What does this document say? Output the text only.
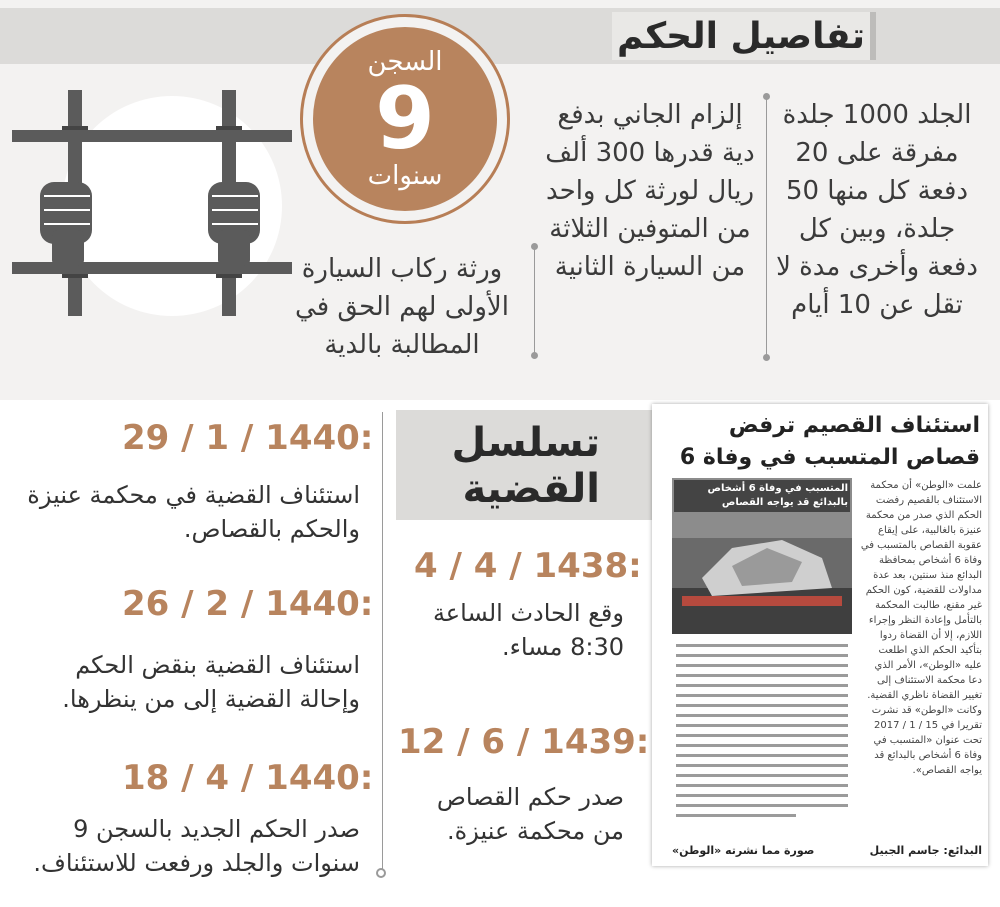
تفاصيل الحكم
الجلد 1000 جلدة مفرقة على 20 دفعة كل منها 50 جلدة، وبين كل دفعة وأخرى مدة لا تقل عن 10 أيام
إلزام الجاني بدفع دية قدرها 300 ألف ريال لورثة كل واحد من المتوفين الثلاثة من السيارة الثانية
ورثة ركاب السيارة الأولى لهم الحق في المطالبة بالدية
السجن
9
سنوات
تسلسل القضية
4 / 4 / 1438:
وقع الحادث الساعة 8:30 مساء.
12 / 6 / 1439:
صدر حكم القصاص من محكمة عنيزة.
29 / 1 / 1440:
استئناف القضية في محكمة عنيزة والحكم بالقصاص.
26 / 2 / 1440:
استئناف القضية بنقض الحكم وإحالة القضية إلى من ينظرها.
18 / 4 / 1440:
صدر الحكم الجديد بالسجن 9 سنوات والجلد ورفعت للاستئناف.
استئناف القصيم ترفض قصاص المتسبب في وفاة 6
المتسبب في وفاة 6 أشخاص بالبدائع قد يواجه القصاص
علمت «الوطن» أن محكمة الاستئناف بالقصيم رفضت الحكم الذي صدر من محكمة عنيزة بالغالبية، على إيقاع عقوبة القصاص بالمتسبب في وفاة 6 أشخاص بمحافظة البدائع منذ سنتين، بعد عدة مداولات للقضية، كون الحكم غير مقنع، طالبت المحكمة بالتأمل وإعادة النظر وإجراء اللازم، إلا أن القضاة ردوا بتأكيد الحكم الذي اطلعت عليه «الوطن»، الأمر الذي دعا محكمة الاستئناف إلى تغيير القضاة ناظري القضية. وكانت «الوطن» قد نشرت تقريرا في 15 / 1 / 2017 تحت عنوان «المتسبب في وفاة 6 أشخاص بالبدائع قد يواجه القصاص».
البدائع: جاسم الجبيل
صورة مما نشرته «الوطن»
